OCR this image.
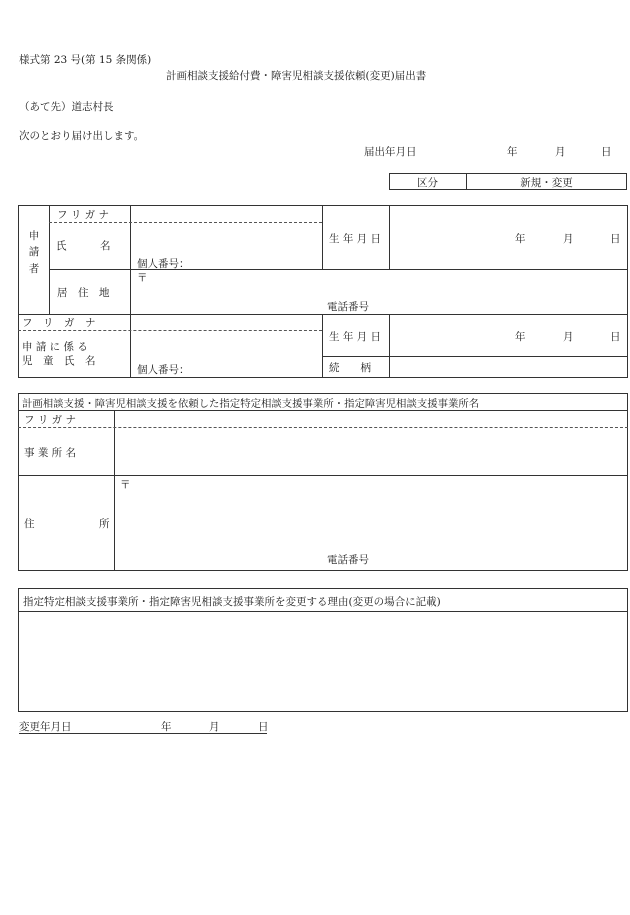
様式第 23 号(第 15 条関係)
計画相談支援給付費・障害児相談支援依頼(変更)届出書
（あて先）道志村長
次のとおり届け出します。
届出年月日	年	月	日
区分	新規・変更
申
請
者
フ リ ガ ナ
氏　　　名
個人番号：
生 年 月 日	年	月	日
居　住　地
〒
電話番号
フ　リ　ガ　ナ
申 請 に 係 る
児　童　氏　名
個人番号：
生 年 月 日	年	月	日
続　　柄
計画相談支援・障害児相談支援を依頼した指定特定相談支援事業所・指定障害児相談支援事業所名
フ リ ガ ナ
事 業 所 名
住	所
〒
電話番号
指定特定相談支援事業所・指定障害児相談支援事業所を変更する理由(変更の場合に記載)
変更年月日	年	月	日
